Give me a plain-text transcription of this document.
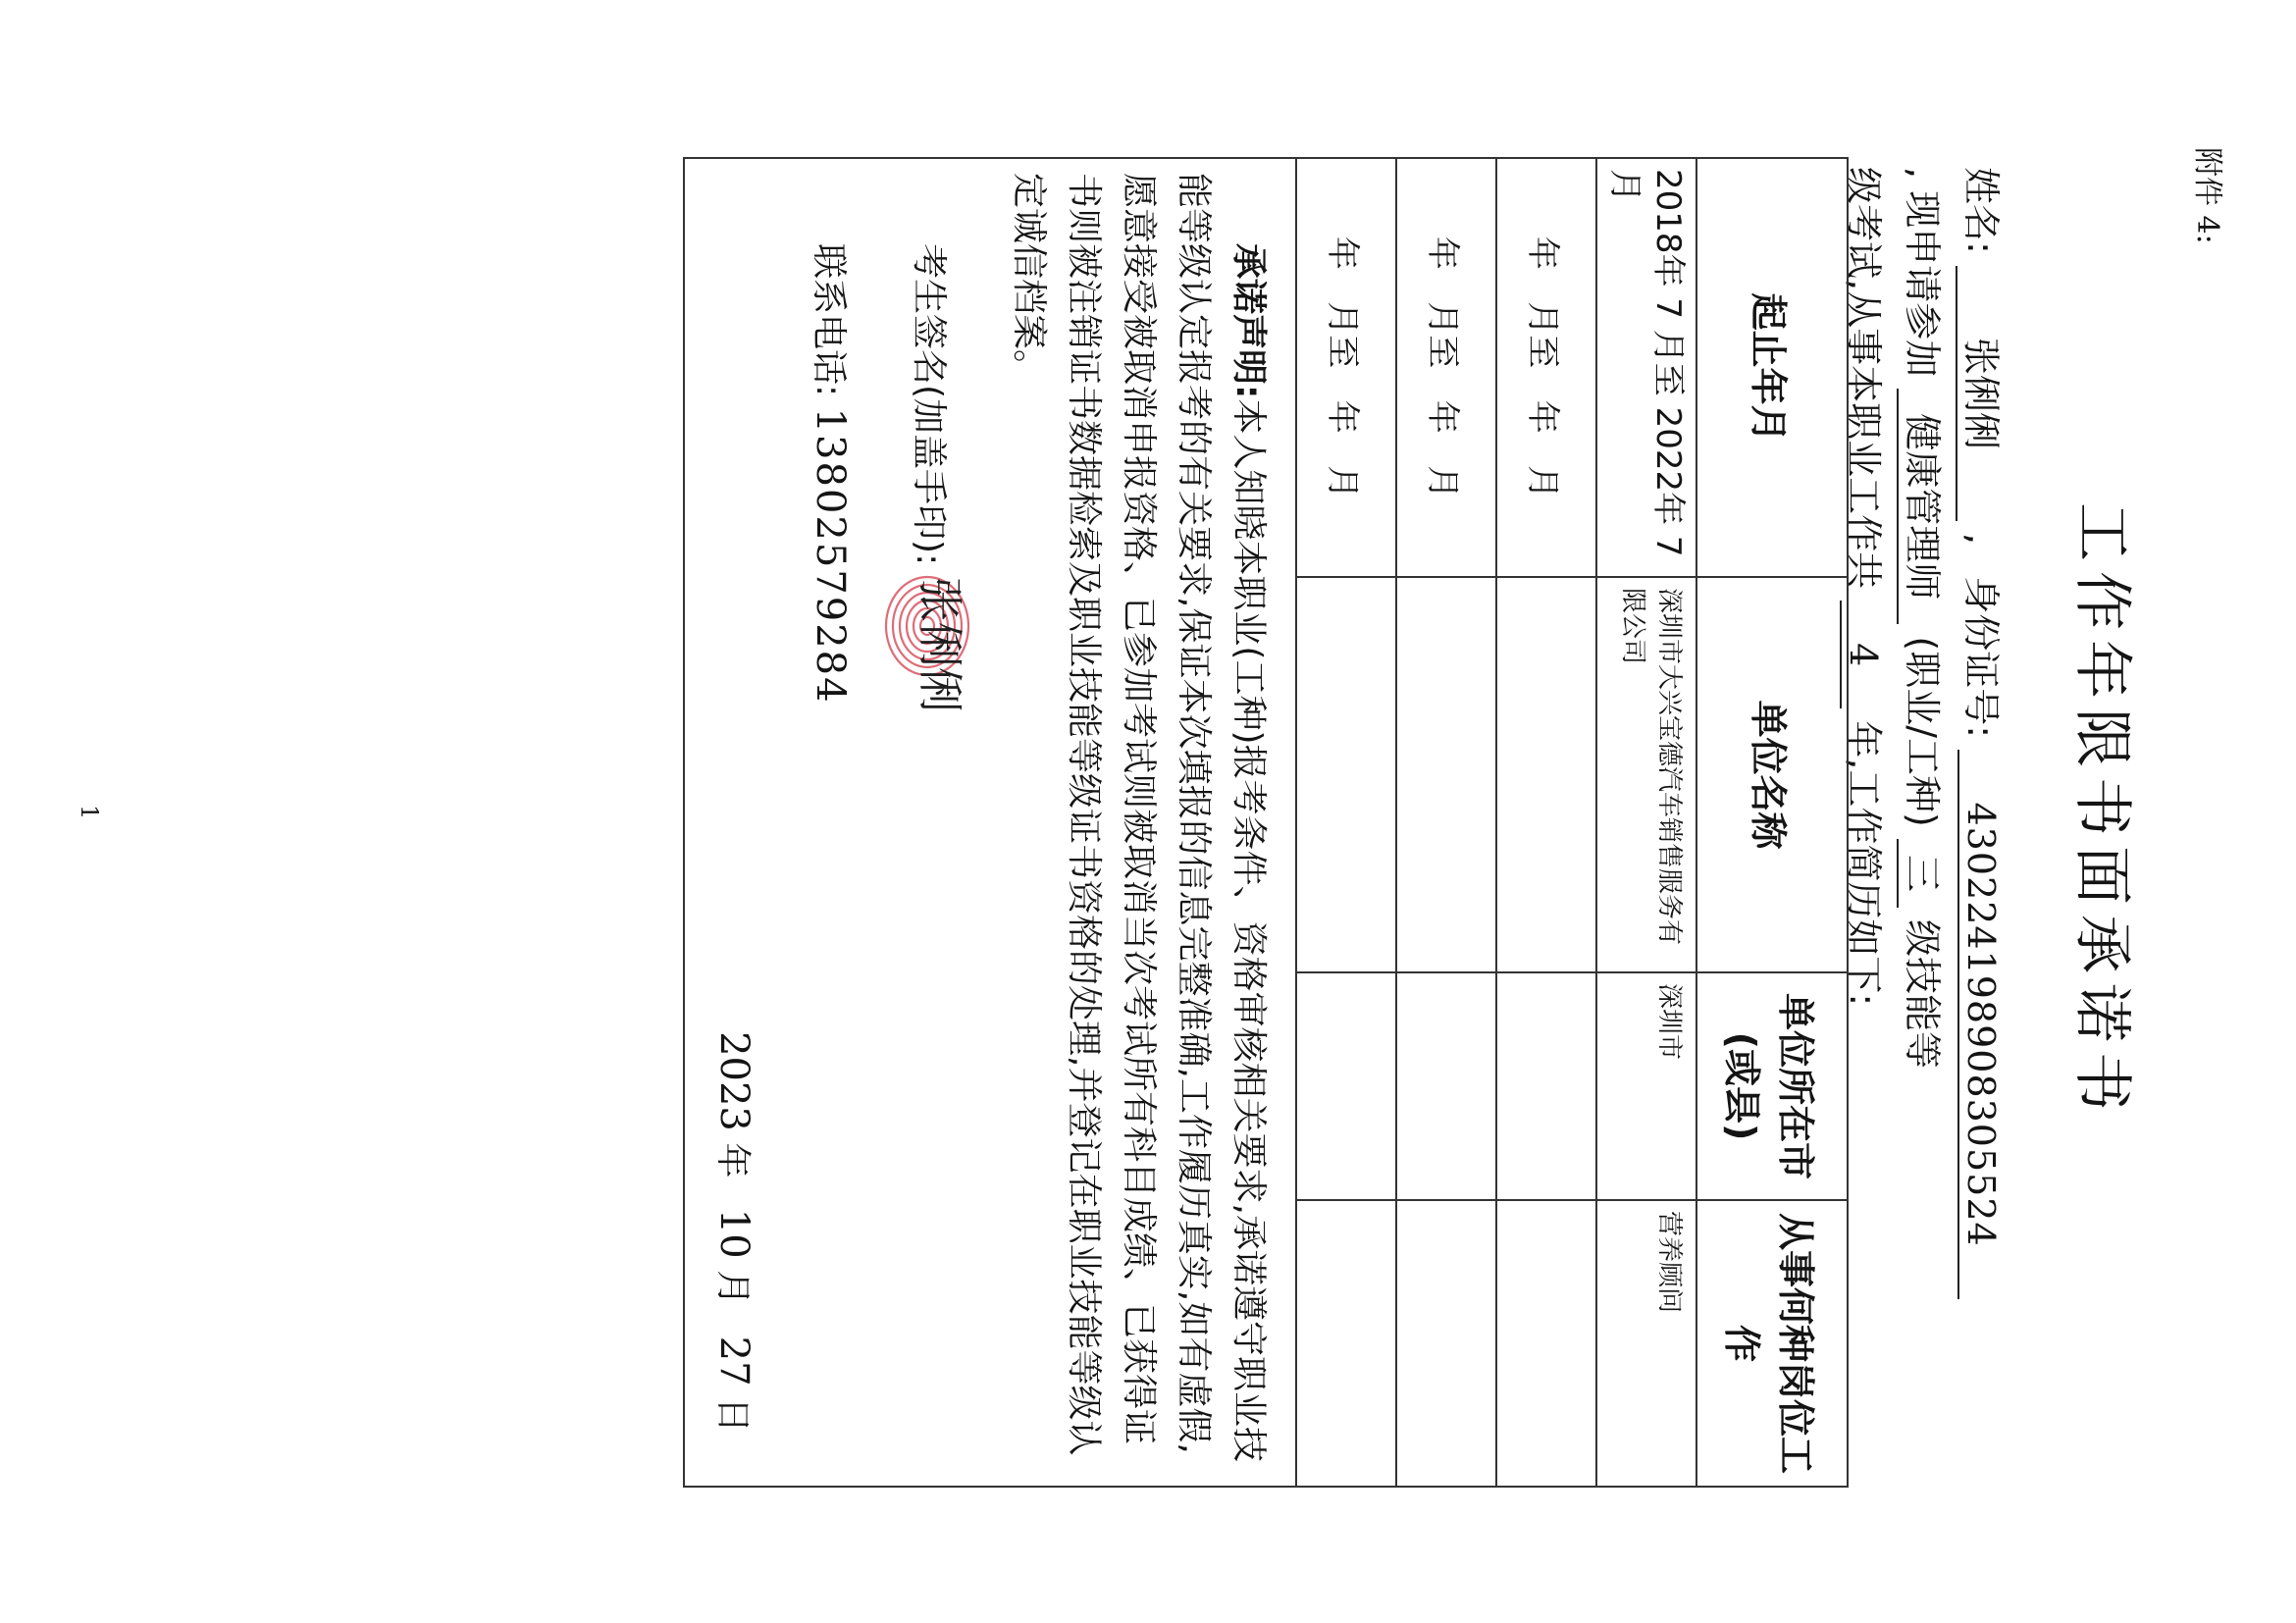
附件 4:
工作年限书面承诺书
姓名: 张俐俐 , 身份证号: 430224198908305524
, 现申请参加 健康管理师 (职业/工种) 三 级技能等
级考试,从事本职业工作共 4 年,工作简历如下:
起止年月	单位名称	单位所在市(或县)	从事何种岗位工作
2018年 7 月至 2022年 7 月	深圳市大兴宝德汽车销售服务有限公司	深圳市	营养顾问
年   月至   年   月			
年   月至   年   月			
年   月至   年   月			

承诺声明:本人知晓本职业(工种)报考条件、资格审核相关要求,承诺遵守职业技能等级认定报考的有关要求,保证本次填报的信息完整准确,工作履历真实,如有虚假,愿意接受被取消申报资格、已参加考试则被取消当次考试所有科目成绩、已获得证书则被注销证书数据检索及职业技能等级证书资格的处理,并登记在职业技能等级认定诚信档案。
考生签名(加盖手印):
张俐俐
联系电话: 13802579284
2023 年 10 月 27 日			
1
